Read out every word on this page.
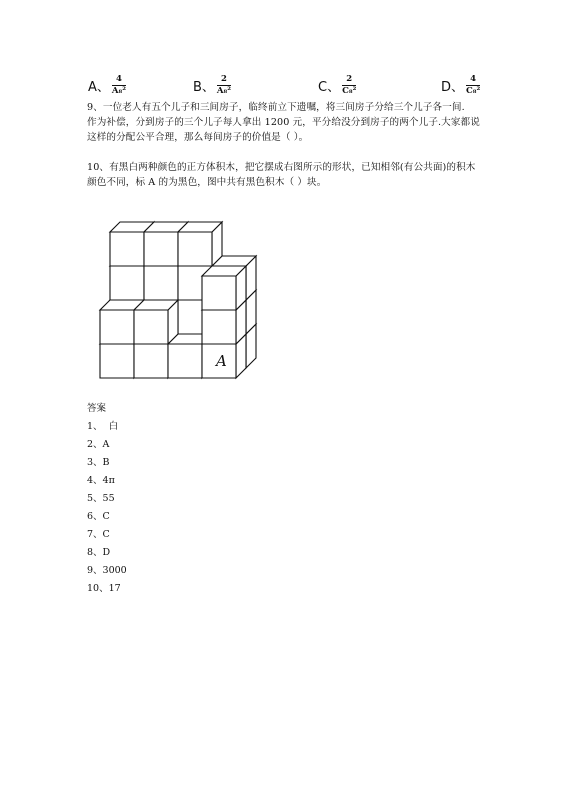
A、 $\frac{4}{\text{A₈²}}$	B、 $\frac{2}{\text{A₈²}}$	C、 $\frac{2}{\text{C₈²}}$	D、 $\frac{4}{\text{C₈²}}$
9、一位老人有五个儿子和三间房子，临终前立下遗嘱，将三间房子分给三个儿子各一间.
作为补偿，分到房子的三个儿子每人拿出 1200 元，平分给没分到房子的两个儿子.大家都说
这样的分配公平合理，那么每间房子的价值是（ ）。
10、有黑白两种颜色的正方体积木，把它摆成右图所示的形状，已知相邻(有公共面)的积木
颜色不同，标 A 的为黑色，图中共有黑色积木（ ）块。
A
答案
1、  白
2、A
3、B
4、4π
5、55
6、C
7、C
8、D
9、3000
10、17
